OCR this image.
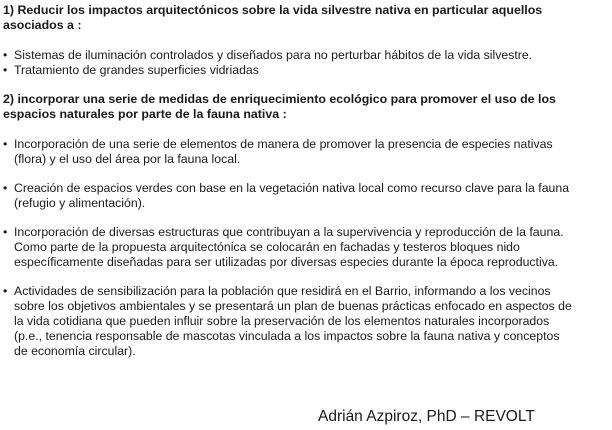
1) Reducir los impactos arquitectónicos sobre la vida silvestre nativa en particular aquellos asociados a :

• Sistemas de iluminación controlados y diseñados para no perturbar hábitos de la vida silvestre.
• Tratamiento de grandes superficies vidriadas

2) incorporar una serie de medidas de enriquecimiento ecológico para promover el uso de los espacios naturales por parte de la fauna nativa :

• Incorporación de una serie de elementos de manera de promover la presencia de especies nativas (flora) y el uso del área por la fauna local.
• Creación de espacios verdes con base en la vegetación nativa local como recurso clave para la fauna (refugio y alimentación).
• Incorporación de diversas estructuras que contribuyan a la supervivencia y reproducción de la fauna. Como parte de la propuesta arquitectónica se colocarán en fachadas y testeros bloques nido específicamente diseñadas para ser utilizadas por diversas especies durante la época reproductiva.
• Actividades de sensibilización para la población que residirá en el Barrio, informando a los vecinos sobre los objetivos ambientales y se presentará un plan de buenas prácticas enfocado en aspectos de la vida cotidiana que pueden influir sobre la preservación de los elementos naturales incorporados (p.e., tenencia responsable de mascotas vinculada a los impactos sobre la fauna nativa y conceptos de economía circular).
Adrián Azpiroz, PhD – REVOLT
